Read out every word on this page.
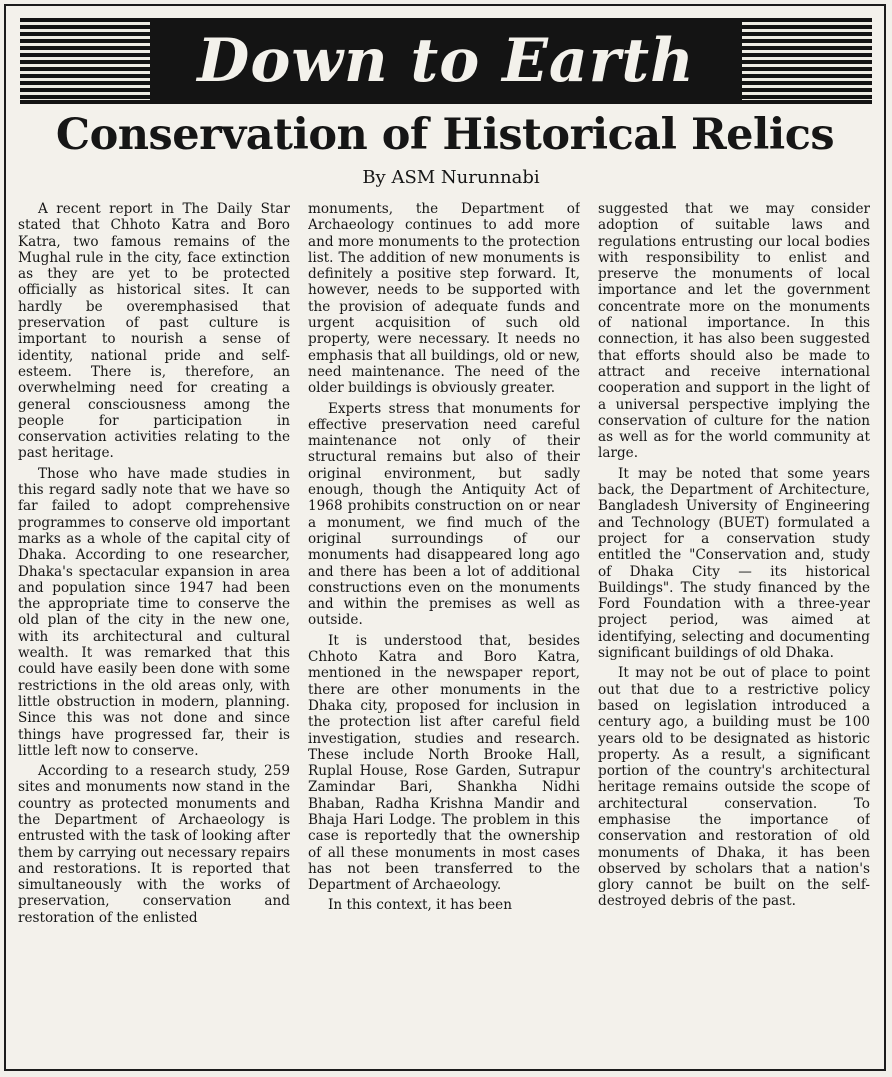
Down to Earth
Conservation of Historical Relics
By ASM Nurunnabi

A recent report in The Daily Star stated that Chhoto Katra and Boro Katra, two famous remains of the Mughal rule in the city, face extinction as they are yet to be protected officially as historical sites. It can hardly be overemphasised that preservation of past culture is important to nourish a sense of identity, national pride and self-esteem. There is, therefore, an overwhelming need for creating a general consciousness among the people for participation in conservation activities relating to the past heritage.

Those who have made studies in this regard sadly note that we have so far failed to adopt comprehensive programmes to conserve old important marks as a whole of the capital city of Dhaka. According to one researcher, Dhaka's spectacular expansion in area and population since 1947 had been the appropriate time to conserve the old plan of the city in the new one, with its architectural and cultural wealth. It was remarked that this could have easily been done with some restrictions in the old areas only, with little obstruction in modern, planning. Since this was not done and since things have progressed far, their is little left now to conserve.

According to a research study, 259 sites and monuments now stand in the country as protected monuments and the Department of Archaeology is entrusted with the task of looking after them by carrying out necessary repairs and restorations. It is reported that simultaneously with the works of preservation, conservation and restoration of the enlisted

monuments, the Department of Archaeology continues to add more and more monuments to the protection list. The addition of new monuments is definitely a positive step forward. It, however, needs to be supported with the provision of adequate funds and urgent acquisition of such old property, were necessary. It needs no emphasis that all buildings, old or new, need maintenance. The need of the older buildings is obviously greater.

Experts stress that monuments for effective preservation need careful maintenance not only of their structural remains but also of their original environment, but sadly enough, though the Antiquity Act of 1968 prohibits construction on or near a monument, we find much of the original surroundings of our monuments had disappeared long ago and there has been a lot of additional constructions even on the monuments and within the premises as well as outside.

It is understood that, besides Chhoto Katra and Boro Katra, mentioned in the newspaper report, there are other monuments in the Dhaka city, proposed for inclusion in the protection list after careful field investigation, studies and research. These include North Brooke Hall, Ruplal House, Rose Garden, Sutrapur Zamindar Bari, Shankha Nidhi Bhaban, Radha Krishna Mandir and Bhaja Hari Lodge. The problem in this case is reportedly that the ownership of all these monuments in most cases has not been transferred to the Department of Archaeology.

In this context, it has been

suggested that we may consider adoption of suitable laws and regulations entrusting our local bodies with responsibility to enlist and preserve the monuments of local importance and let the government concentrate more on the monuments of national importance. In this connection, it has also been suggested that efforts should also be made to attract and receive international cooperation and support in the light of a universal perspective implying the conservation of culture for the nation as well as for the world community at large.

It may be noted that some years back, the Department of Architecture, Bangladesh University of Engineering and Technology (BUET) formulated a project for a conservation study entitled the "Conservation and, study of Dhaka City — its historical Buildings". The study financed by the Ford Foundation with a three-year project period, was aimed at identifying, selecting and documenting significant buildings of old Dhaka.

It may not be out of place to point out that due to a restrictive policy based on legislation introduced a century ago, a building must be 100 years old to be designated as historic property. As a result, a significant portion of the country's architectural heritage remains outside the scope of architectural conservation. To emphasise the importance of conservation and restoration of old monuments of Dhaka, it has been observed by scholars that a nation's glory cannot be built on the self-destroyed debris of the past.
